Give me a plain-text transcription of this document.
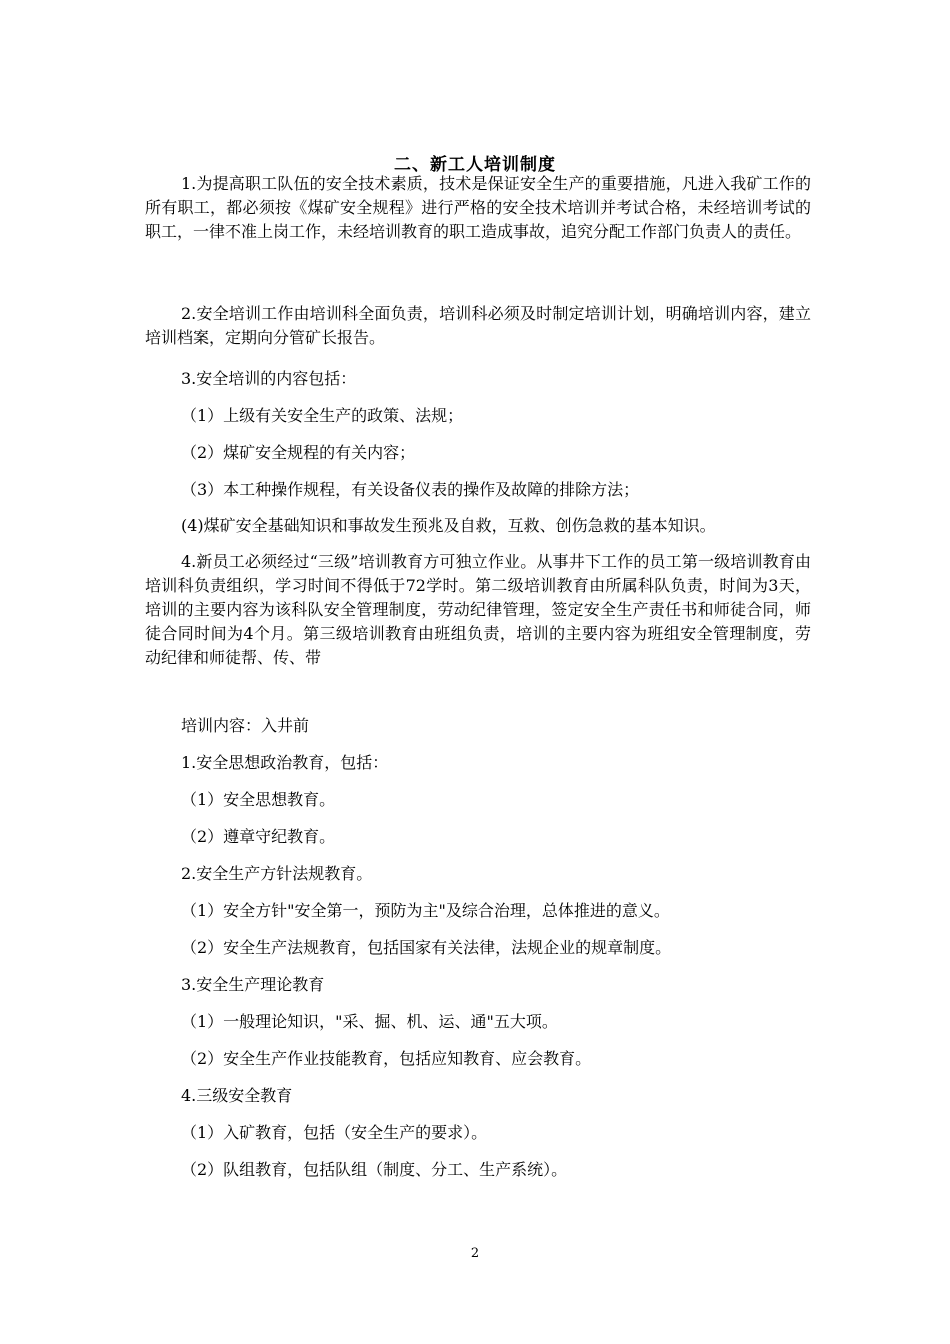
二、新工人培训制度
1.为提高职工队伍的安全技术素质，技术是保证安全生产的重要措施，凡进入我矿工作的所有职工，都必须按《煤矿安全规程》进行严格的安全技术培训并考试合格，未经培训考试的职工，一律不准上岗工作，未经培训教育的职工造成事故，追究分配工作部门负责人的责任。
2.安全培训工作由培训科全面负责，培训科必须及时制定培训计划，明确培训内容，建立培训档案，定期向分管矿长报告。
3.安全培训的内容包括：
（1）上级有关安全生产的政策、法规；
（2）煤矿安全规程的有关内容；
（3）本工种操作规程，有关设备仪表的操作及故障的排除方法；
(4)煤矿安全基础知识和事故发生预兆及自救，互救、创伤急救的基本知识。
4.新员工必须经过“三级”培训教育方可独立作业。从事井下工作的员工第一级培训教育由培训科负责组织，学习时间不得低于72学时。第二级培训教育由所属科队负责，时间为3天，培训的主要内容为该科队安全管理制度，劳动纪律管理，签定安全生产责任书和师徒合同，师徒合同时间为4个月。第三级培训教育由班组负责，培训的主要内容为班组安全管理制度，劳动纪律和师徒帮、传、带
培训内容：入井前
1.安全思想政治教育，包括：
（1）安全思想教育。
（2）遵章守纪教育。
2.安全生产方针法规教育。
（1）安全方针"安全第一，预防为主"及综合治理，总体推进的意义。
（2）安全生产法规教育，包括国家有关法律，法规企业的规章制度。
3.安全生产理论教育
（1）一般理论知识，"采、掘、机、运、通"五大项。
（2）安全生产作业技能教育，包括应知教育、应会教育。
4.三级安全教育
（1）入矿教育，包括（安全生产的要求）。
（2）队组教育，包括队组（制度、分工、生产系统）。
2
